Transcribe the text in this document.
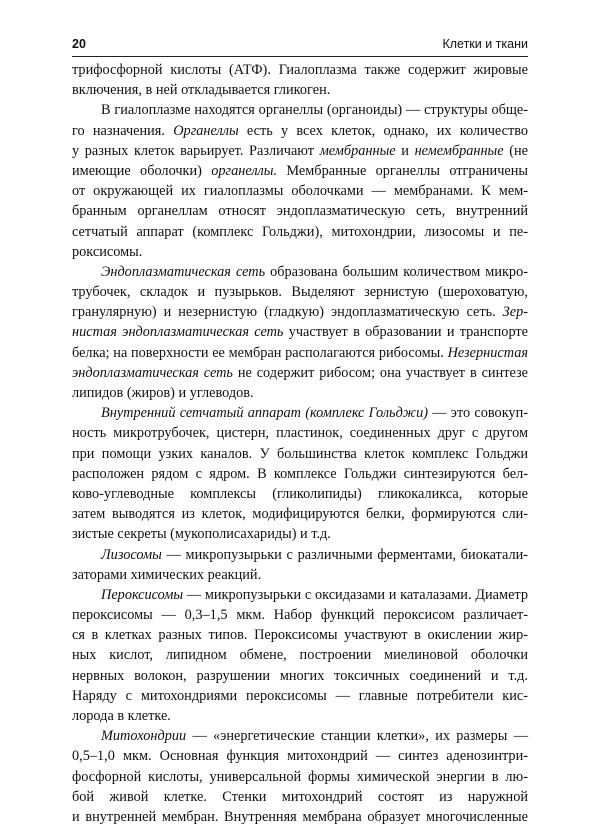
20	Клетки и ткани
трифосфорной кислоты (АТФ). Гиалоплазма также содержит жировые
включения, в ней откладывается гликоген.
В гиалоплазме находятся органеллы (органоиды) — структуры обще-
го назначения. Органеллы есть у всех клеток, однако, их количество
у разных клеток варьирует. Различают мембранные и немембранные (не
имеющие оболочки) органеллы. Мембранные органеллы отграничены
от окружающей их гиалоплазмы оболочками — мембранами. К мем-
бранным органеллам относят эндоплазматическую сеть, внутренний
сетчатый аппарат (комплекс Гольджи), митохондрии, лизосомы и пе-
роксисомы.
Эндоплазматическая сеть образована большим количеством микро-
трубочек, складок и пузырьков. Выделяют зернистую (шероховатую,
гранулярную) и незернистую (гладкую) эндоплазматическую сеть. Зер-
нистая эндоплазматическая сеть участвует в образовании и транспорте
белка; на поверхности ее мембран располагаются рибосомы. Незернистая
эндоплазматическая сеть не содержит рибосом; она участвует в синтезе
липидов (жиров) и углеводов.
Внутренний сетчатый аппарат (комплекс Гольджи) — это совокуп-
ность микротрубочек, цистерн, пластинок, соединенных друг с другом
при помощи узких каналов. У большинства клеток комплекс Гольджи
расположен рядом с ядром. В комплексе Гольджи синтезируются бел-
ково-углеводные комплексы (гликолипиды) гликокаликса, которые
затем выводятся из клеток, модифицируются белки, формируются сли-
зистые секреты (мукополисахариды) и т.д.
Лизосомы — микропузырьки с различными ферментами, биокатали-
заторами химических реакций.
Пероксисомы — микропузырьки с оксидазами и каталазами. Диаметр
пероксисомы — 0,3–1,5 мкм. Набор функций пероксисом различает-
ся в клетках разных типов. Пероксисомы участвуют в окислении жир-
ных кислот, липидном обмене, построении миелиновой оболочки
нервных волокон, разрушении многих токсичных соединений и т.д.
Наряду с митохондриями пероксисомы — главные потребители кис-
лорода в клетке.
Митохондрии — «энергетические станции клетки», их размеры —
0,5–1,0 мкм. Основная функция митохондрий — синтез аденозинтри-
фосфорной кислоты, универсальной формы химической энергии в лю-
бой живой клетке. Стенки митохондрий состоят из наружной
и внутренней мембран. Внутренняя мембрана образует многочисленные
